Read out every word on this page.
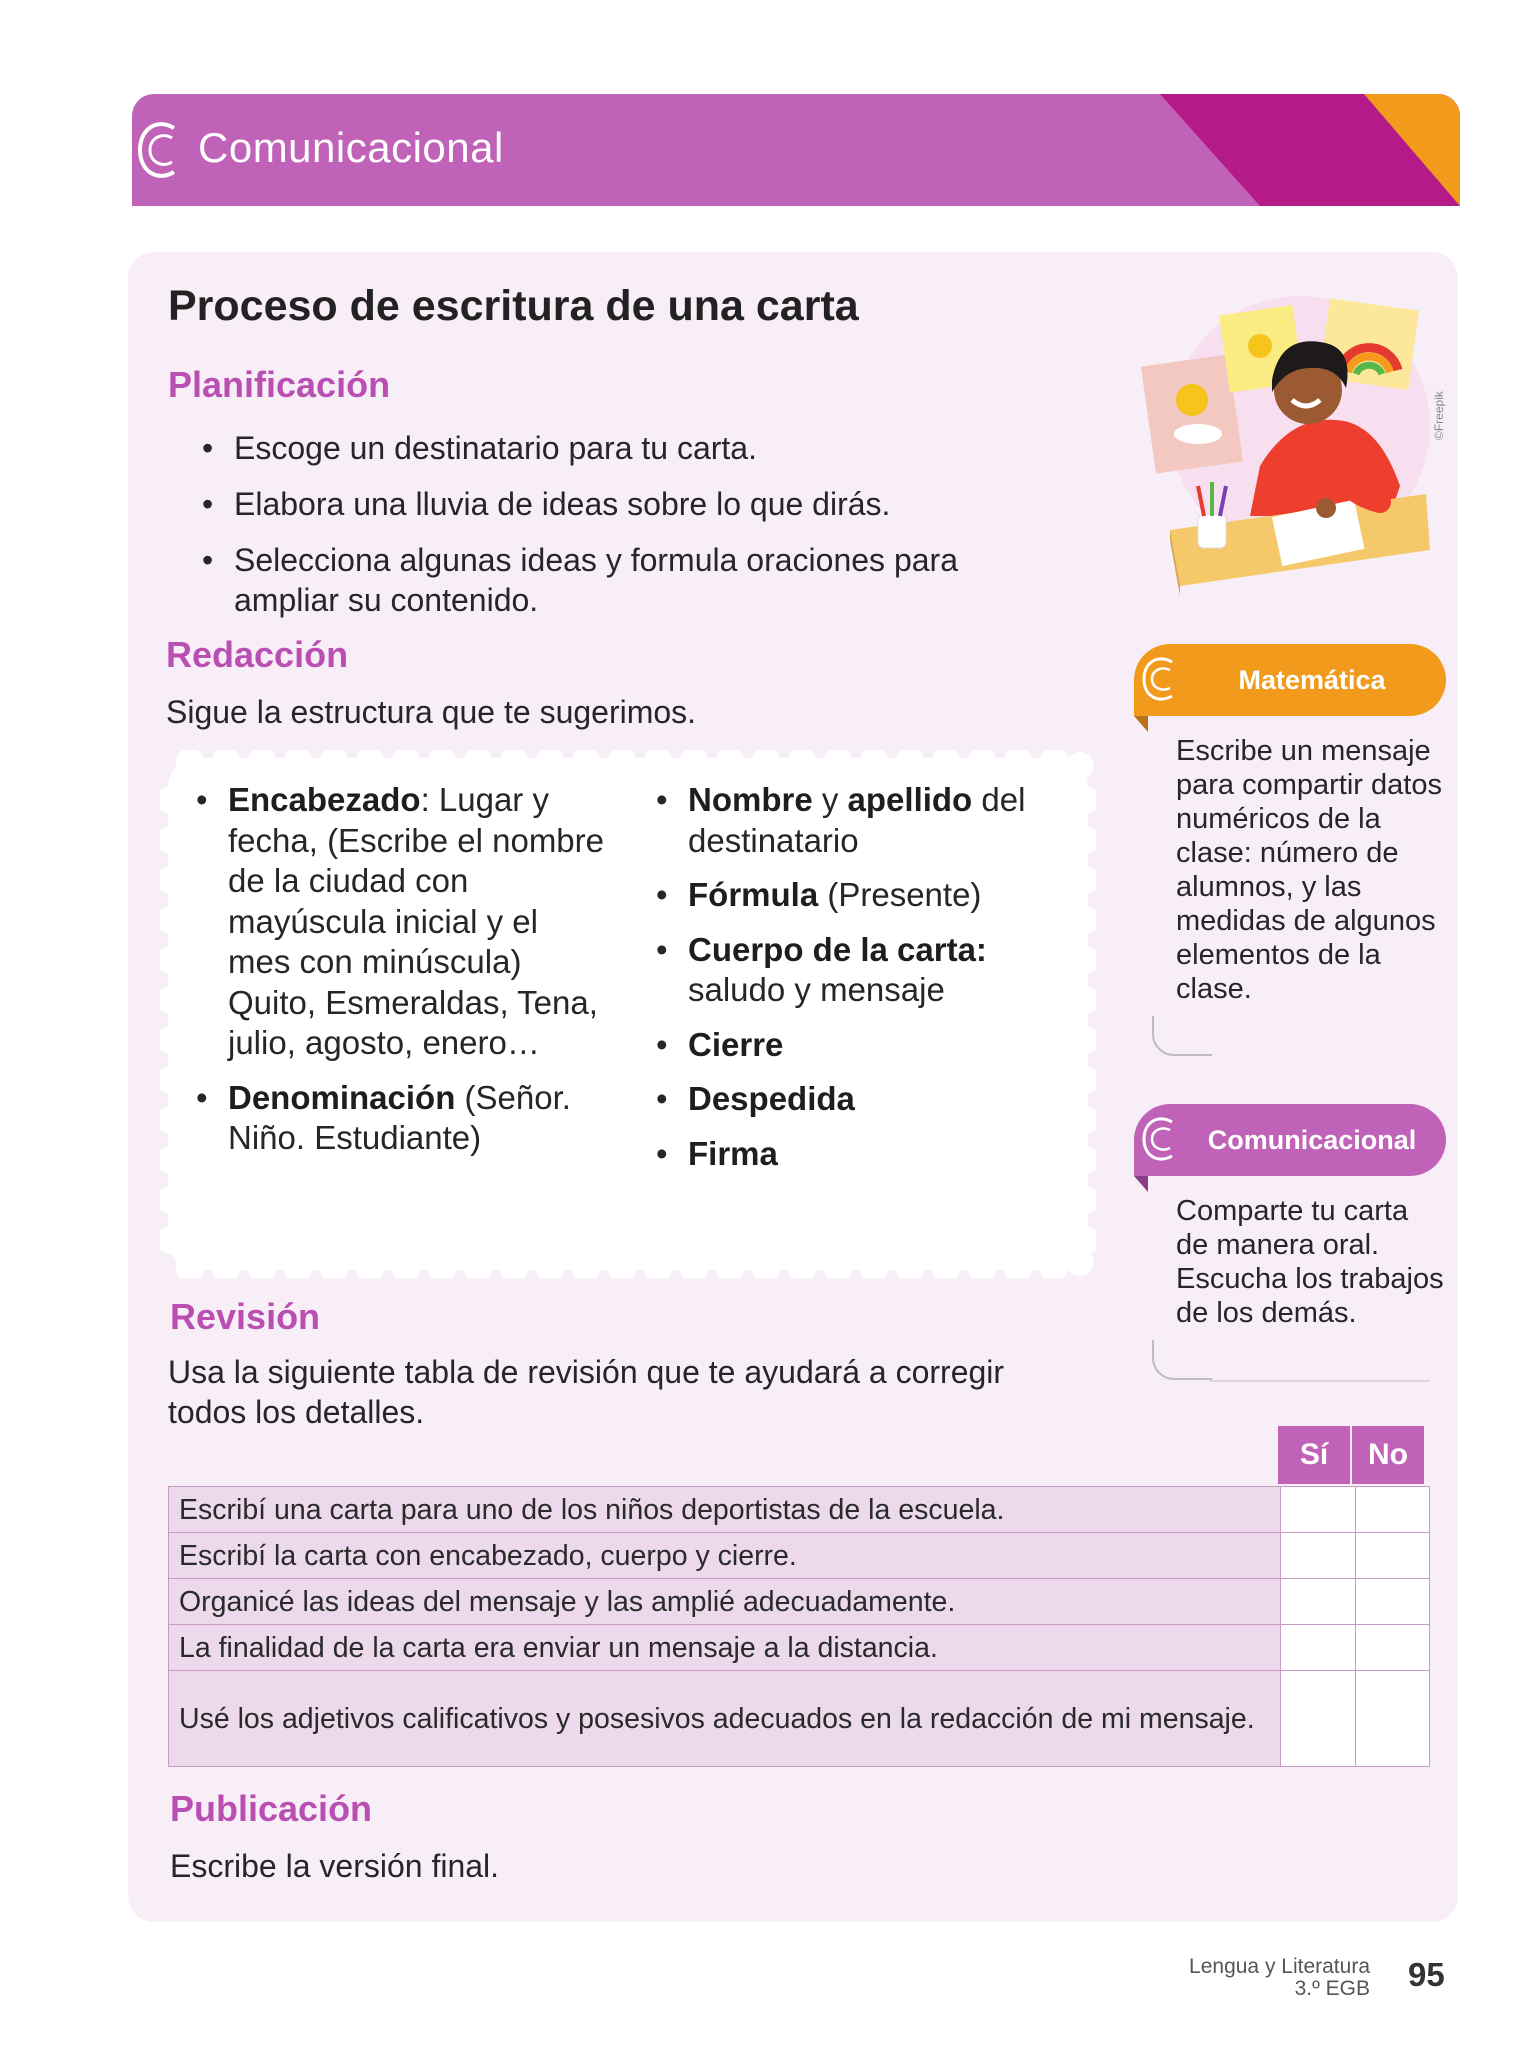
Comunicacional
DUA
Participación
Proceso de escritura de una carta
Planificación
• Escoge un destinatario para tu carta.
• Elabora una lluvia de ideas sobre lo que dirás.
• Selecciona algunas ideas y formula oraciones para ampliar su contenido.
Redacción
Sigue la estructura que te sugerimos.
• Encabezado: Lugar y fecha, (Escribe el nombre de la ciudad con mayúscula inicial y el mes con minúscula) Quito, Esmeraldas, Tena, julio, agosto, enero…
• Denominación (Señor. Niño. Estudiante)
• Nombre y apellido del destinatario
• Fórmula (Presente)
• Cuerpo de la carta: saludo y mensaje
• Cierre
• Despedida
• Firma
Revisión
Usa la siguiente tabla de revisión que te ayudará a corregir todos los detalles.
Sí	No
Escribí una carta para uno de los niños deportistas de la escuela.		
Escribí la carta con encabezado, cuerpo y cierre.		
Organicé las ideas del mensaje y las amplié adecuadamente.		
La finalidad de la carta era enviar un mensaje a la distancia.		
Usé los adjetivos calificativos y posesivos adecuados en la redacción de mi mensaje.		
Publicación
Escribe la versión final.
©Freepik
Matemática
Escribe un mensaje para compartir datos numéricos de la clase: número de alumnos, y las medidas de algunos elementos de la clase.
Comunicacional
Comparte tu carta de manera oral. Escucha los trabajos de los demás.
Lengua y Literatura
3.º EGB 95
